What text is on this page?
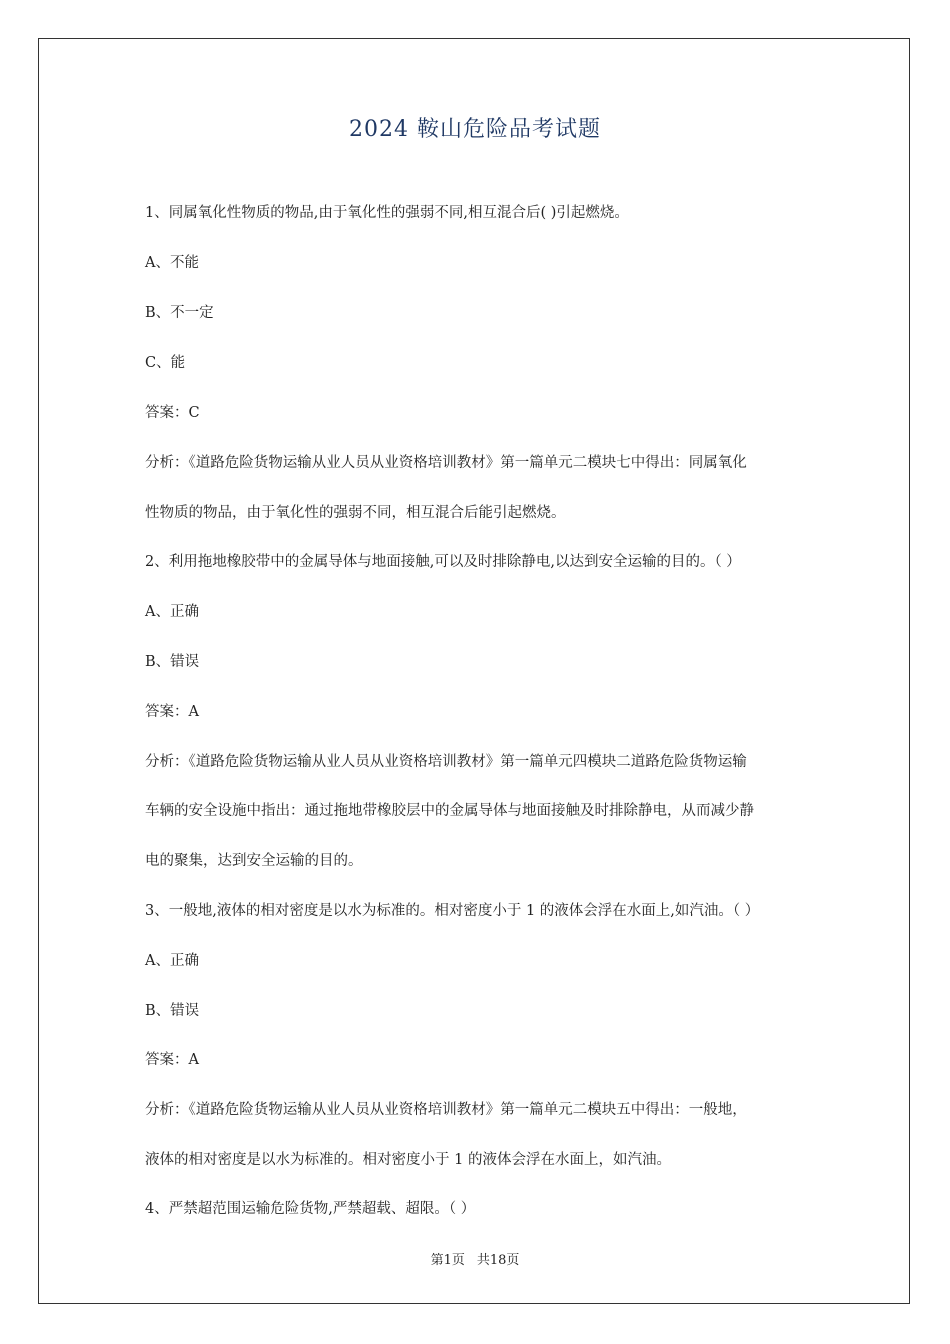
2024 鞍山危险品考试题
1、同属氧化性物质的物品,由于氧化性的强弱不同,相互混合后( )引起燃烧。
A、不能
B、不一定
C、能
答案：C
分析：《道路危险货物运输从业人员从业资格培训教材》第一篇单元二模块七中得出：同属氧化
性物质的物品，由于氧化性的强弱不同，相互混合后能引起燃烧。
2、利用拖地橡胶带中的金属导体与地面接触,可以及时排除静电,以达到安全运输的目的。（ ）
A、正确
B、错误
答案：A
分析：《道路危险货物运输从业人员从业资格培训教材》第一篇单元四模块二道路危险货物运输
车辆的安全设施中指出：通过拖地带橡胶层中的金属导体与地面接触及时排除静电，从而减少静
电的聚集，达到安全运输的目的。
3、一般地,液体的相对密度是以水为标准的。相对密度小于 1 的液体会浮在水面上,如汽油。（ ）
A、正确
B、错误
答案：A
分析：《道路危险货物运输从业人员从业资格培训教材》第一篇单元二模块五中得出：一般地，
液体的相对密度是以水为标准的。相对密度小于 1 的液体会浮在水面上，如汽油。
4、严禁超范围运输危险货物,严禁超载、超限。（ ）
第1页 共18页
